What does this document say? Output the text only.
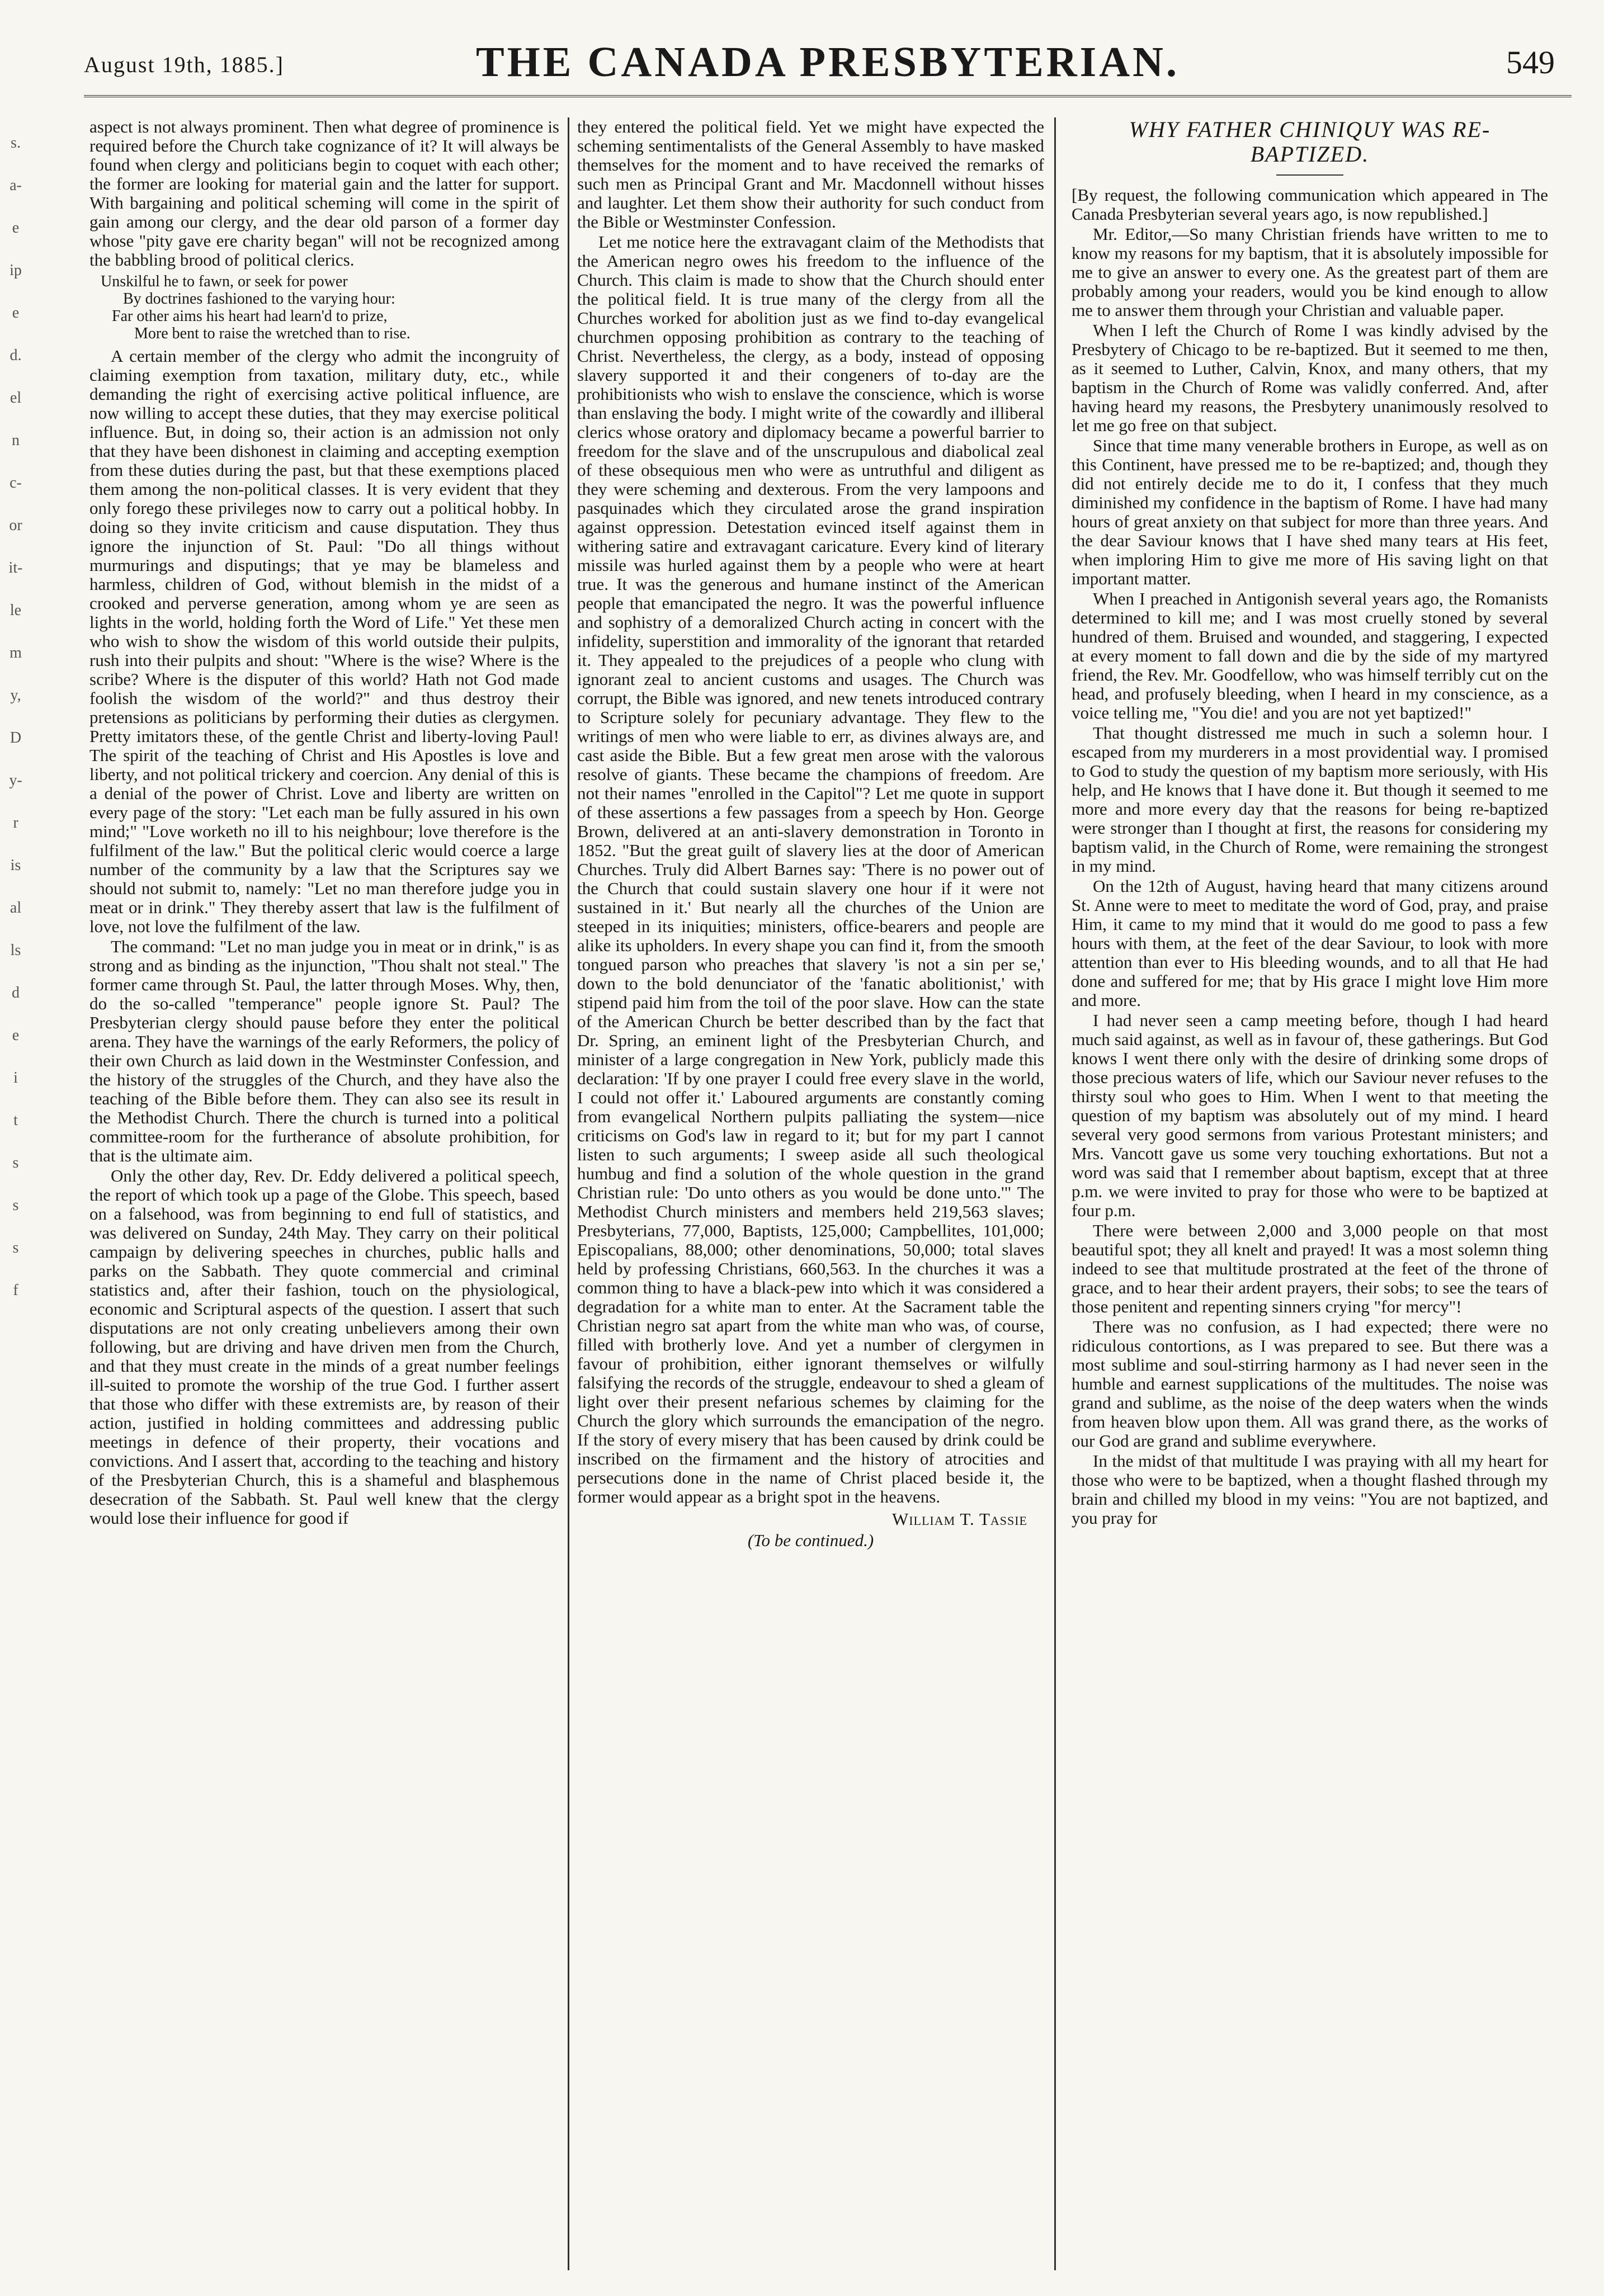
August 19th, 1885.]	THE CANADA PRESBYTERIAN.	549
s.
a-
e
ip
e
d.
el
n
c-
or
it-
le
m
y,
D
y-
r
is
al
ls
d
e
i
t
s
s
s
f

aspect is not always prominent. Then what degree of prominence is required before the Church take cognizance of it? It will always be found when clergy and politicians begin to coquet with each other; the former are looking for material gain and the latter for support. With bargaining and political scheming will come in the spirit of gain among our clergy, and the dear old parson of a former day whose "pity gave ere charity began" will not be recognized among the babbling brood of political clerics.

Unskilful he to fawn, or seek for power
By doctrines fashioned to the varying hour:
Far other aims his heart had learn'd to prize,
More bent to raise the wretched than to rise.

A certain member of the clergy who admit the incongruity of claiming exemption from taxation, military duty, etc., while demanding the right of exercising active political influence, are now willing to accept these duties, that they may exercise political influence. But, in doing so, their action is an admission not only that they have been dishonest in claiming and accepting exemption from these duties during the past, but that these exemptions placed them among the non-political classes. It is very evident that they only forego these privileges now to carry out a political hobby. In doing so they invite criticism and cause disputation. They thus ignore the injunction of St. Paul: "Do all things without murmurings and disputings; that ye may be blameless and harmless, children of God, without blemish in the midst of a crooked and perverse generation, among whom ye are seen as lights in the world, holding forth the Word of Life." Yet these men who wish to show the wisdom of this world outside their pulpits, rush into their pulpits and shout: "Where is the wise? Where is the scribe? Where is the disputer of this world? Hath not God made foolish the wisdom of the world?" and thus destroy their pretensions as politicians by performing their duties as clergymen. Pretty imitators these, of the gentle Christ and liberty-loving Paul! The spirit of the teaching of Christ and His Apostles is love and liberty, and not political trickery and coercion. Any denial of this is a denial of the power of Christ. Love and liberty are written on every page of the story: "Let each man be fully assured in his own mind;" "Love worketh no ill to his neighbour; love therefore is the fulfilment of the law." But the political cleric would coerce a large number of the community by a law that the Scriptures say we should not submit to, namely: "Let no man therefore judge you in meat or in drink." They thereby assert that law is the fulfilment of love, not love the fulfilment of the law.

The command: "Let no man judge you in meat or in drink," is as strong and as binding as the injunction, "Thou shalt not steal." The former came through St. Paul, the latter through Moses. Why, then, do the so-called "temperance" people ignore St. Paul? The Presbyterian clergy should pause before they enter the political arena. They have the warnings of the early Reformers, the policy of their own Church as laid down in the Westminster Confession, and the history of the struggles of the Church, and they have also the teaching of the Bible before them. They can also see its result in the Methodist Church. There the church is turned into a political committee-room for the furtherance of absolute prohibition, for that is the ultimate aim.

Only the other day, Rev. Dr. Eddy delivered a political speech, the report of which took up a page of the Globe. This speech, based on a falsehood, was from beginning to end full of statistics, and was delivered on Sunday, 24th May. They carry on their political campaign by delivering speeches in churches, public halls and parks on the Sabbath. They quote commercial and criminal statistics and, after their fashion, touch on the physiological, economic and Scriptural aspects of the question. I assert that such disputations are not only creating unbelievers among their own following, but are driving and have driven men from the Church, and that they must create in the minds of a great number feelings ill-suited to promote the worship of the true God. I further assert that those who differ with these extremists are, by reason of their action, justified in holding committees and addressing public meetings in defence of their property, their vocations and convictions. And I assert that, according to the teaching and history of the Presbyterian Church, this is a shameful and blasphemous desecration of the Sabbath. St. Paul well knew that the clergy would lose their influence for good if

they entered the political field. Yet we might have expected the scheming sentimentalists of the General Assembly to have masked themselves for the moment and to have received the remarks of such men as Principal Grant and Mr. Macdonnell without hisses and laughter. Let them show their authority for such conduct from the Bible or Westminster Confession.

Let me notice here the extravagant claim of the Methodists that the American negro owes his freedom to the influence of the Church. This claim is made to show that the Church should enter the political field. It is true many of the clergy from all the Churches worked for abolition just as we find to-day evangelical churchmen opposing prohibition as contrary to the teaching of Christ. Nevertheless, the clergy, as a body, instead of opposing slavery supported it and their congeners of to-day are the prohibitionists who wish to enslave the conscience, which is worse than enslaving the body. I might write of the cowardly and illiberal clerics whose oratory and diplomacy became a powerful barrier to freedom for the slave and of the unscrupulous and diabolical zeal of these obsequious men who were as untruthful and diligent as they were scheming and dexterous. From the very lampoons and pasquinades which they circulated arose the grand inspiration against oppression. Detestation evinced itself against them in withering satire and extravagant caricature. Every kind of literary missile was hurled against them by a people who were at heart true. It was the generous and humane instinct of the American people that emancipated the negro. It was the powerful influence and sophistry of a demoralized Church acting in concert with the infidelity, superstition and immorality of the ignorant that retarded it. They appealed to the prejudices of a people who clung with ignorant zeal to ancient customs and usages. The Church was corrupt, the Bible was ignored, and new tenets introduced contrary to Scripture solely for pecuniary advantage. They flew to the writings of men who were liable to err, as divines always are, and cast aside the Bible. But a few great men arose with the valorous resolve of giants. These became the champions of freedom. Are not their names "enrolled in the Capitol"? Let me quote in support of these assertions a few passages from a speech by Hon. George Brown, delivered at an anti-slavery demonstration in Toronto in 1852. "But the great guilt of slavery lies at the door of American Churches. Truly did Albert Barnes say: 'There is no power out of the Church that could sustain slavery one hour if it were not sustained in it.' But nearly all the churches of the Union are steeped in its iniquities; ministers, office-bearers and people are alike its upholders. In every shape you can find it, from the smooth tongued parson who preaches that slavery 'is not a sin per se,' down to the bold denunciator of the 'fanatic abolitionist,' with stipend paid him from the toil of the poor slave. How can the state of the American Church be better described than by the fact that Dr. Spring, an eminent light of the Presbyterian Church, and minister of a large congregation in New York, publicly made this declaration: 'If by one prayer I could free every slave in the world, I could not offer it.' Laboured arguments are constantly coming from evangelical Northern pulpits palliating the system—nice criticisms on God's law in regard to it; but for my part I cannot listen to such arguments; I sweep aside all such theological humbug and find a solution of the whole question in the grand Christian rule: 'Do unto others as you would be done unto.'" The Methodist Church ministers and members held 219,563 slaves; Presbyterians, 77,000, Baptists, 125,000; Campbellites, 101,000; Episcopalians, 88,000; other denominations, 50,000; total slaves held by professing Christians, 660,563. In the churches it was a common thing to have a black-pew into which it was considered a degradation for a white man to enter. At the Sacrament table the Christian negro sat apart from the white man who was, of course, filled with brotherly love. And yet a number of clergymen in favour of prohibition, either ignorant themselves or wilfully falsifying the records of the struggle, endeavour to shed a gleam of light over their present nefarious schemes by claiming for the Church the glory which surrounds the emancipation of the negro. If the story of every misery that has been caused by drink could be inscribed on the firmament and the history of atrocities and persecutions done in the name of Christ placed beside it, the former would appear as a bright spot in the heavens.

William T. Tassie
(To be continued.)
WHY FATHER CHINIQUY WAS RE-BAPTIZED.

[By request, the following communication which appeared in The Canada Presbyterian several years ago, is now republished.]

Mr. Editor,—So many Christian friends have written to me to know my reasons for my baptism, that it is absolutely impossible for me to give an answer to every one. As the greatest part of them are probably among your readers, would you be kind enough to allow me to answer them through your Christian and valuable paper.

When I left the Church of Rome I was kindly advised by the Presbytery of Chicago to be re-baptized. But it seemed to me then, as it seemed to Luther, Calvin, Knox, and many others, that my baptism in the Church of Rome was validly conferred. And, after having heard my reasons, the Presbytery unanimously resolved to let me go free on that subject.

Since that time many venerable brothers in Europe, as well as on this Continent, have pressed me to be re-baptized; and, though they did not entirely decide me to do it, I confess that they much diminished my confidence in the baptism of Rome. I have had many hours of great anxiety on that subject for more than three years. And the dear Saviour knows that I have shed many tears at His feet, when imploring Him to give me more of His saving light on that important matter.

When I preached in Antigonish several years ago, the Romanists determined to kill me; and I was most cruelly stoned by several hundred of them. Bruised and wounded, and staggering, I expected at every moment to fall down and die by the side of my martyred friend, the Rev. Mr. Goodfellow, who was himself terribly cut on the head, and profusely bleeding, when I heard in my conscience, as a voice telling me, "You die! and you are not yet baptized!"

That thought distressed me much in such a solemn hour. I escaped from my murderers in a most providential way. I promised to God to study the question of my baptism more seriously, with His help, and He knows that I have done it. But though it seemed to me more and more every day that the reasons for being re-baptized were stronger than I thought at first, the reasons for considering my baptism valid, in the Church of Rome, were remaining the strongest in my mind.

On the 12th of August, having heard that many citizens around St. Anne were to meet to meditate the word of God, pray, and praise Him, it came to my mind that it would do me good to pass a few hours with them, at the feet of the dear Saviour, to look with more attention than ever to His bleeding wounds, and to all that He had done and suffered for me; that by His grace I might love Him more and more.

I had never seen a camp meeting before, though I had heard much said against, as well as in favour of, these gatherings. But God knows I went there only with the desire of drinking some drops of those precious waters of life, which our Saviour never refuses to the thirsty soul who goes to Him. When I went to that meeting the question of my baptism was absolutely out of my mind. I heard several very good sermons from various Protestant ministers; and Mrs. Vancott gave us some very touching exhortations. But not a word was said that I remember about baptism, except that at three p.m. we were invited to pray for those who were to be baptized at four p.m.

There were between 2,000 and 3,000 people on that most beautiful spot; they all knelt and prayed! It was a most solemn thing indeed to see that multitude prostrated at the feet of the throne of grace, and to hear their ardent prayers, their sobs; to see the tears of those penitent and repenting sinners crying "for mercy"!

There was no confusion, as I had expected; there were no ridiculous contortions, as I was prepared to see. But there was a most sublime and soul-stirring harmony as I had never seen in the humble and earnest supplications of the multitudes. The noise was grand and sublime, as the noise of the deep waters when the winds from heaven blow upon them. All was grand there, as the works of our God are grand and sublime everywhere.

In the midst of that multitude I was praying with all my heart for those who were to be baptized, when a thought flashed through my brain and chilled my blood in my veins: "You are not baptized, and you pray for
